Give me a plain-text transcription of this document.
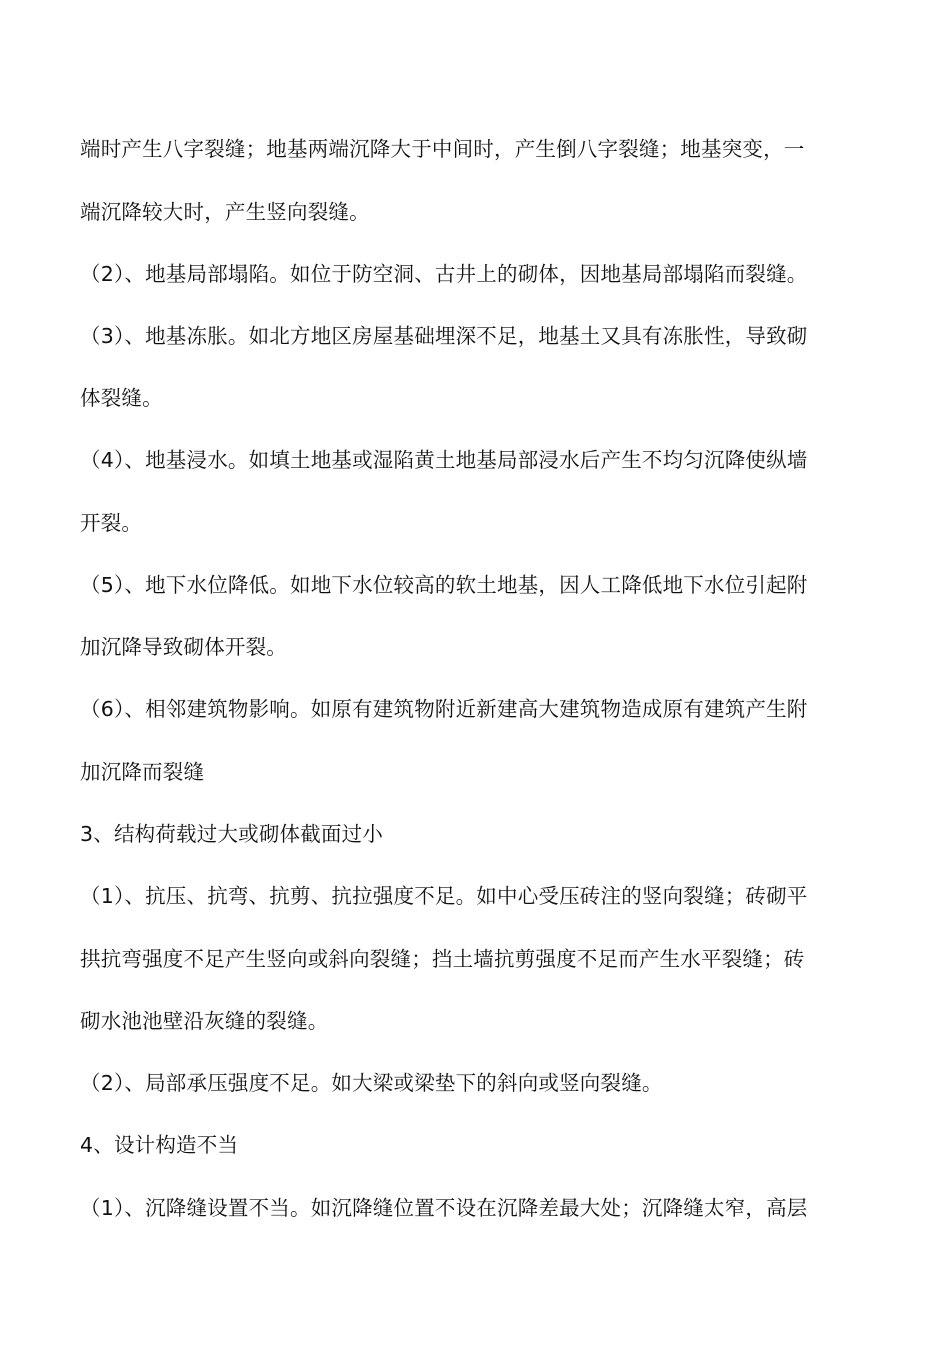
端时产生八字裂缝；地基两端沉降大于中间时，产生倒八字裂缝；地基突变，一
端沉降较大时，产生竖向裂缝。
（2）、地基局部塌陷。如位于防空洞、古井上的砌体，因地基局部塌陷而裂缝。
（3）、地基冻胀。如北方地区房屋基础埋深不足，地基土又具有冻胀性，导致砌
体裂缝。
（4）、地基浸水。如填土地基或湿陷黄土地基局部浸水后产生不均匀沉降使纵墙
开裂。
（5）、地下水位降低。如地下水位较高的软土地基，因人工降低地下水位引起附
加沉降导致砌体开裂。
（6）、相邻建筑物影响。如原有建筑物附近新建高大建筑物造成原有建筑产生附
加沉降而裂缝
3、结构荷载过大或砌体截面过小
（1）、抗压、抗弯、抗剪、抗拉强度不足。如中心受压砖注的竖向裂缝；砖砌平
拱抗弯强度不足产生竖向或斜向裂缝；挡土墙抗剪强度不足而产生水平裂缝；砖
砌水池池壁沿灰缝的裂缝。
（2）、局部承压强度不足。如大梁或梁垫下的斜向或竖向裂缝。
4、设计构造不当
（1）、沉降缝设置不当。如沉降缝位置不设在沉降差最大处；沉降缝太窄，高层
